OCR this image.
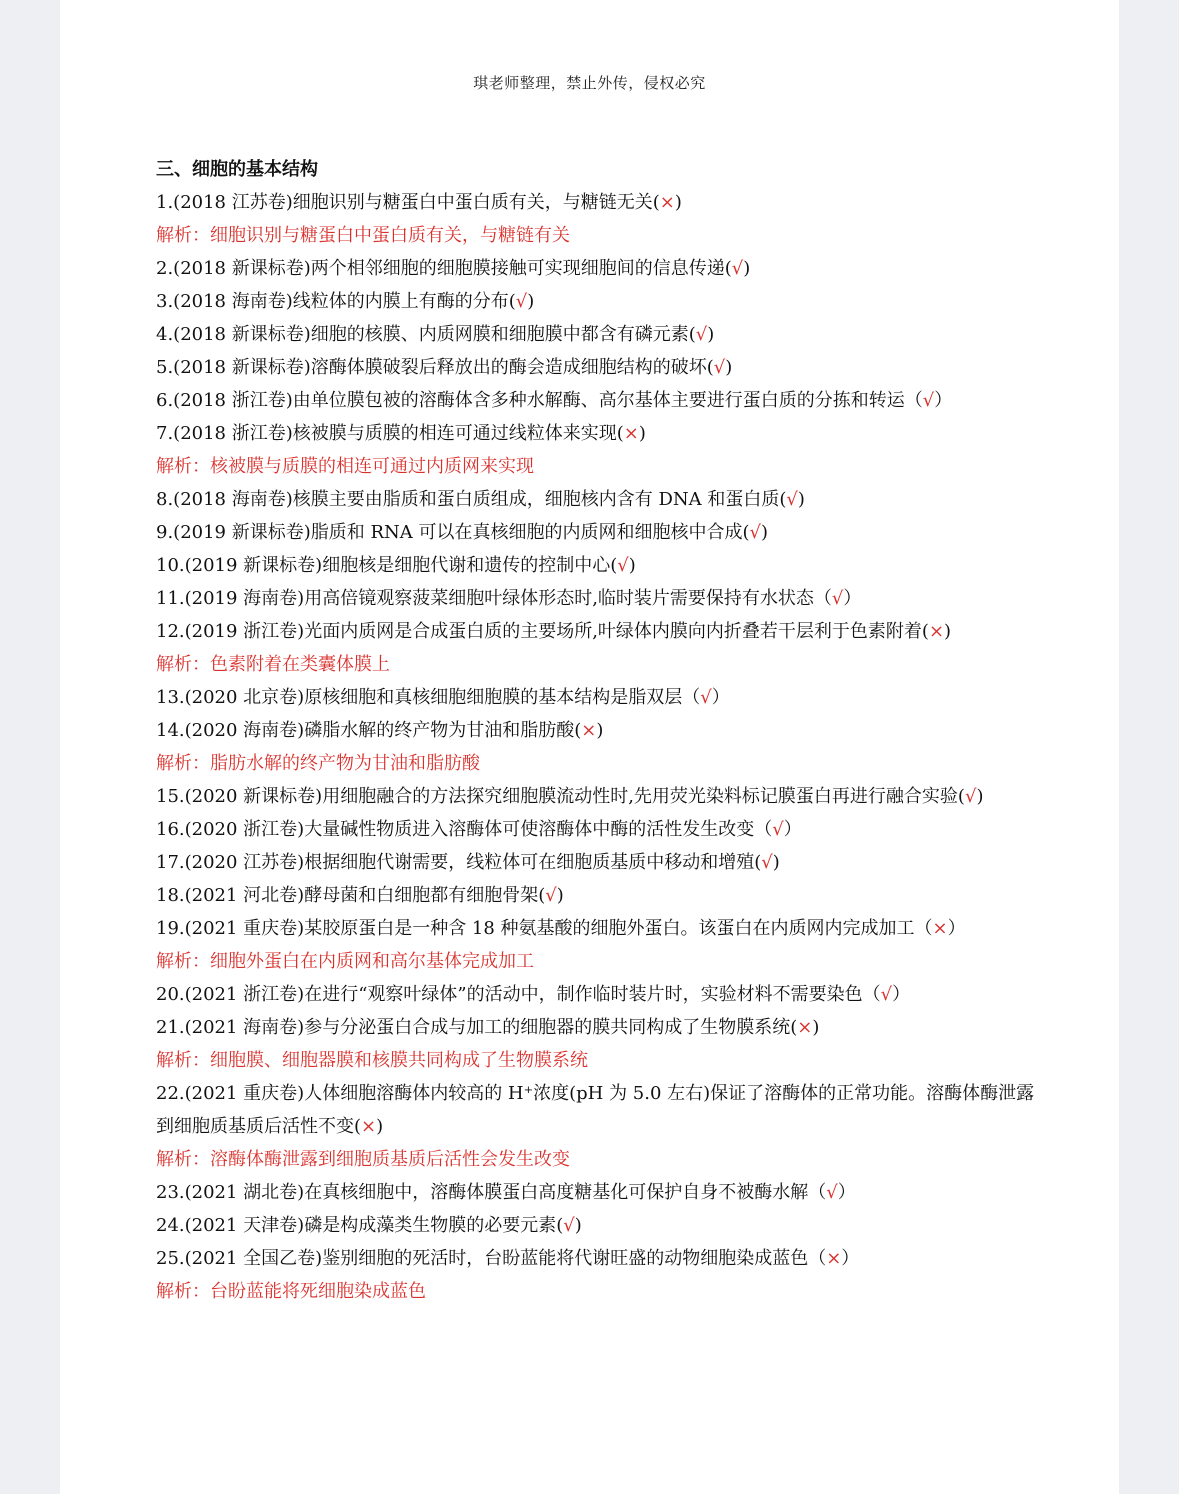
琪老师整理，禁止外传，侵权必究
三、细胞的基本结构
1.(2018 江苏卷)细胞识别与糖蛋白中蛋白质有关，与糖链无关(×)
解析：细胞识别与糖蛋白中蛋白质有关，与糖链有关
2.(2018 新课标卷)两个相邻细胞的细胞膜接触可实现细胞间的信息传递(√)
3.(2018 海南卷)线粒体的内膜上有酶的分布(√)
4.(2018 新课标卷)细胞的核膜、内质网膜和细胞膜中都含有磷元素(√)
5.(2018 新课标卷)溶酶体膜破裂后释放出的酶会造成细胞结构的破坏(√)
6.(2018 浙江卷)由单位膜包被的溶酶体含多种水解酶、高尔基体主要进行蛋白质的分拣和转运（√）
7.(2018 浙江卷)核被膜与质膜的相连可通过线粒体来实现(×)
解析：核被膜与质膜的相连可通过内质网来实现
8.(2018 海南卷)核膜主要由脂质和蛋白质组成，细胞核内含有 DNA 和蛋白质(√)
9.(2019 新课标卷)脂质和 RNA 可以在真核细胞的内质网和细胞核中合成(√)
10.(2019 新课标卷)细胞核是细胞代谢和遗传的控制中心(√)
11.(2019 海南卷)用高倍镜观察菠菜细胞叶绿体形态时,临时装片需要保持有水状态（√）
12.(2019 浙江卷)光面内质网是合成蛋白质的主要场所,叶绿体内膜向内折叠若干层利于色素附着(×)
解析：色素附着在类囊体膜上
13.(2020 北京卷)原核细胞和真核细胞细胞膜的基本结构是脂双层（√）
14.(2020 海南卷)磷脂水解的终产物为甘油和脂肪酸(×)
解析：脂肪水解的终产物为甘油和脂肪酸
15.(2020 新课标卷)用细胞融合的方法探究细胞膜流动性时,先用荧光染料标记膜蛋白再进行融合实验(√)
16.(2020 浙江卷)大量碱性物质进入溶酶体可使溶酶体中酶的活性发生改变（√）
17.(2020 江苏卷)根据细胞代谢需要，线粒体可在细胞质基质中移动和增殖(√)
18.(2021 河北卷)酵母菌和白细胞都有细胞骨架(√)
19.(2021 重庆卷)某胶原蛋白是一种含 18 种氨基酸的细胞外蛋白。该蛋白在内质网内完成加工（×）
解析：细胞外蛋白在内质网和高尔基体完成加工
20.(2021 浙江卷)在进行“观察叶绿体”的活动中，制作临时装片时，实验材料不需要染色（√）
21.(2021 海南卷)参与分泌蛋白合成与加工的细胞器的膜共同构成了生物膜系统(×)
解析：细胞膜、细胞器膜和核膜共同构成了生物膜系统
22.(2021 重庆卷)人体细胞溶酶体内较高的 H⁺浓度(pH 为 5.0 左右)保证了溶酶体的正常功能。溶酶体酶泄露到细胞质基质后活性不变(×)
解析：溶酶体酶泄露到细胞质基质后活性会发生改变
23.(2021 湖北卷)在真核细胞中，溶酶体膜蛋白高度糖基化可保护自身不被酶水解（√）
24.(2021 天津卷)磷是构成藻类生物膜的必要元素(√)
25.(2021 全国乙卷)鉴别细胞的死活时，台盼蓝能将代谢旺盛的动物细胞染成蓝色（×）
解析：台盼蓝能将死细胞染成蓝色
